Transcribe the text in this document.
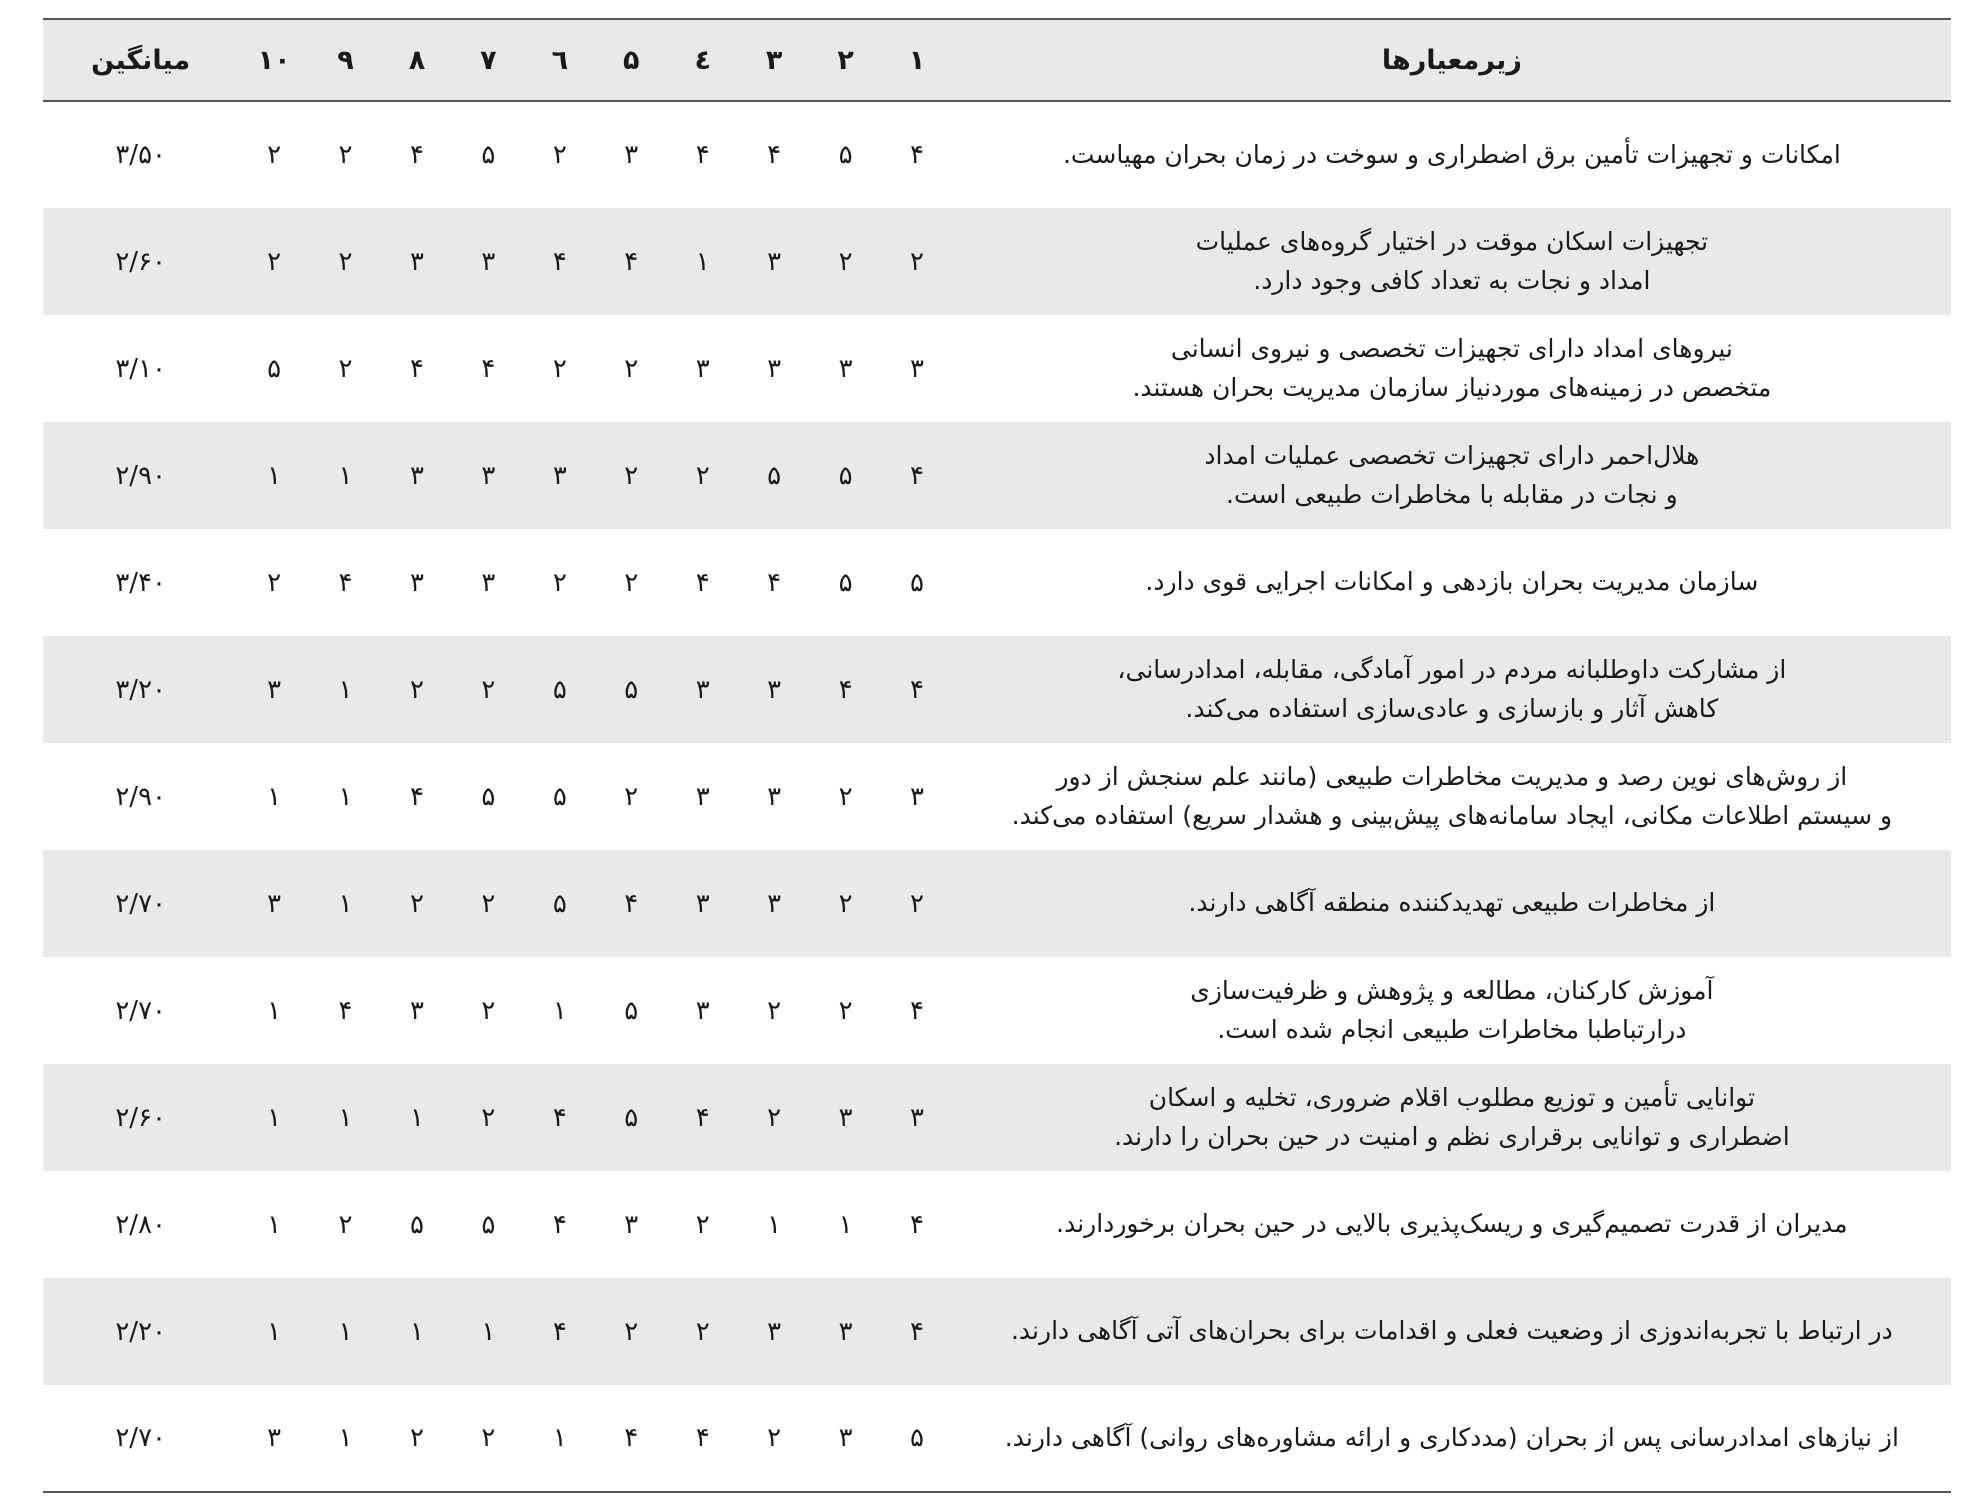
زیرمعیارها	۱	۲	۳	٤	۵	٦	۷	۸	۹	۱۰	میانگین

امکانات و تجهیزات تأمین برق اضطراری و سوخت در زمان بحران مهیاست.	۴	۵	۴	۴	۳	۲	۵	۴	۲	۲	۳/۵۰

تجهیزات اسکان موقت در اختیار گروه‌های عملیات
امداد و نجات به تعداد کافی وجود دارد.	۲	۲	۳	۱	۴	۴	۳	۳	۲	۲	۲/۶۰

نیروهای امداد دارای تجهیزات تخصصی و نیروی انسانی
متخصص در زمینه‌های موردنیاز سازمان مدیریت بحران هستند.	۳	۳	۳	۳	۲	۲	۴	۴	۲	۵	۳/۱۰

هلال‌احمر دارای تجهیزات تخصصی عملیات امداد
و نجات در مقابله با مخاطرات طبیعی است.	۴	۵	۵	۲	۲	۳	۳	۳	۱	۱	۲/۹۰

سازمان مدیریت بحران بازدهی و امکانات اجرایی قوی دارد.	۵	۵	۴	۴	۲	۲	۳	۳	۴	۲	۳/۴۰

از مشارکت داوطلبانه مردم در امور آمادگی، مقابله، امدادرسانی،
کاهش آثار و بازسازی و عادی‌سازی استفاده می‌کند.	۴	۴	۳	۳	۵	۵	۲	۲	۱	۳	۳/۲۰

از روش‌های نوین رصد و مدیریت مخاطرات طبیعی (مانند علم سنجش از دور
و سیستم اطلاعات مکانی، ایجاد سامانه‌های پیش‌بینی و هشدار سریع) استفاده می‌کند.	۳	۲	۳	۳	۲	۵	۵	۴	۱	۱	۲/۹۰

از مخاطرات طبیعی تهدیدکننده منطقه آگاهی دارند.	۲	۲	۳	۳	۴	۵	۲	۲	۱	۳	۲/۷۰

آموزش کارکنان، مطالعه و پژوهش و ظرفیت‌سازی
درارتباطبا مخاطرات طبیعی انجام شده است.	۴	۲	۲	۳	۵	۱	۲	۳	۴	۱	۲/۷۰

توانایی تأمین و توزیع مطلوب اقلام ضروری، تخلیه و اسکان
اضطراری و توانایی برقراری نظم و امنیت در حین بحران را دارند.	۳	۳	۲	۴	۵	۴	۲	۱	۱	۱	۲/۶۰

مدیران از قدرت تصمیم‌گیری و ریسک‌پذیری بالایی در حین بحران برخوردارند.	۴	۱	۱	۲	۳	۴	۵	۵	۲	۱	۲/۸۰

در ارتباط با تجربه‌اندوزی از وضعیت فعلی و اقدامات برای بحران‌های آتی آگاهی دارند.	۴	۳	۳	۲	۲	۴	۱	۱	۱	۱	۲/۲۰

از نیازهای امدادرسانی پس از بحران (مددکاری و ارائه مشاوره‌های روانی) آگاهی دارند.	۵	۳	۲	۴	۴	۱	۲	۲	۱	۳	۲/۷۰
